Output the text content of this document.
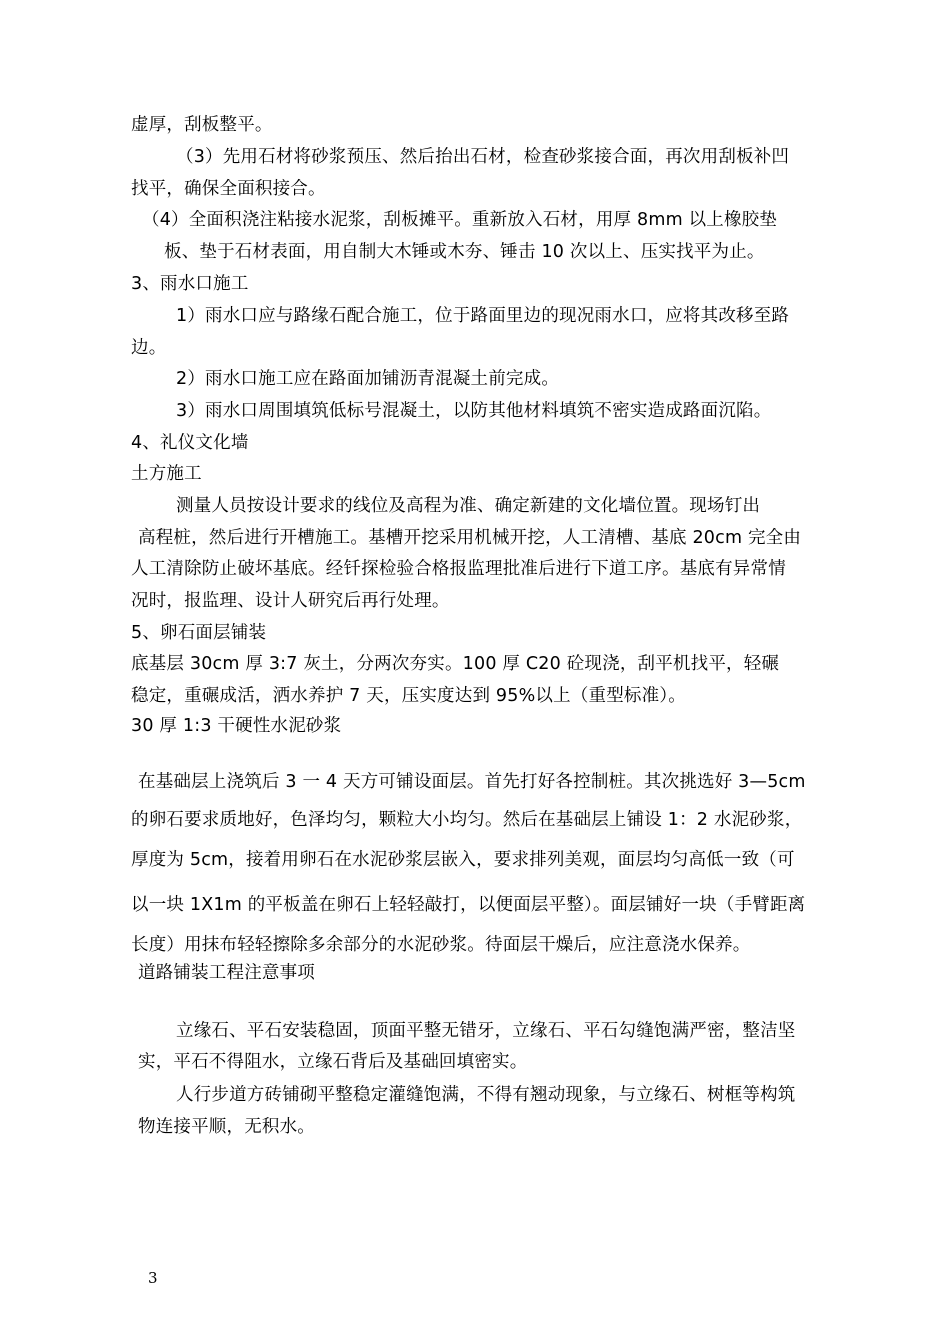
虚厚，刮板整平。
（3）先用石材将砂浆预压、然后抬出石材，检查砂浆接合面，再次用刮板补凹
找平，确保全面积接合。
（4）全面积浇注粘接水泥浆，刮板摊平。重新放入石材，用厚 8mm 以上橡胶垫
板、垫于石材表面，用自制大木锤或木夯、锤击 10 次以上、压实找平为止。
3、雨水口施工
1）雨水口应与路缘石配合施工，位于路面里边的现况雨水口，应将其改移至路
边。
2）雨水口施工应在路面加铺沥青混凝土前完成。
3）雨水口周围填筑低标号混凝土，以防其他材料填筑不密实造成路面沉陷。
4、礼仪文化墙
土方施工
测量人员按设计要求的线位及高程为准、确定新建的文化墙位置。现场钉出
高程桩，然后进行开槽施工。基槽开挖采用机械开挖，人工清槽、基底 20cm 完全由
人工清除防止破坏基底。经钎探检验合格报监理批准后进行下道工序。基底有异常情
况时，报监理、设计人研究后再行处理。
5、卵石面层铺装
底基层 30cm 厚 3:7 灰土，分两次夯实。100 厚 C20 砼现浇，刮平机找平，轻碾
稳定，重碾成活，洒水养护 7 天，压实度达到 95%以上（重型标准）。
30 厚 1:3 干硬性水泥砂浆
在基础层上浇筑后 3 一 4 天方可铺设面层。首先打好各控制桩。其次挑选好 3—5cm
的卵石要求质地好，色泽均匀，颗粒大小均匀。然后在基础层上铺设 1：2 水泥砂浆，
厚度为 5cm，接着用卵石在水泥砂浆层嵌入，要求排列美观，面层均匀高低一致（可
以一块 1X1m 的平板盖在卵石上轻轻敲打，以便面层平整）。面层铺好一块（手臂距离
长度）用抹布轻轻擦除多余部分的水泥砂浆。待面层干燥后，应注意浇水保养。
道路铺装工程注意事项
立缘石、平石安装稳固，顶面平整无错牙，立缘石、平石勾缝饱满严密，整洁坚
实，平石不得阻水，立缘石背后及基础回填密实。
人行步道方砖铺砌平整稳定灌缝饱满，不得有翘动现象，与立缘石、树框等构筑
物连接平顺，无积水。
3
